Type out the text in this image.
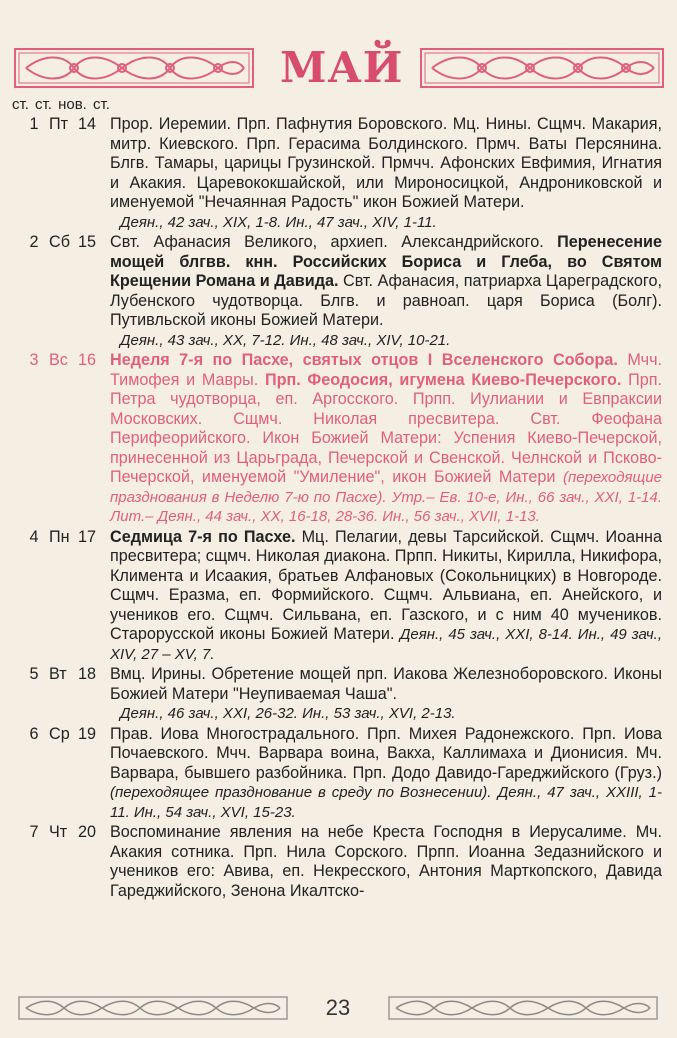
МАЙ
ст. ст. нов. ст.
1 Пт 14 Прор. Иеремии. Прп. Пафнутия Боровского. Мц. Нины. Сщмч. Макария, митр. Киевского. Прп. Герасима Болдинского. Прмч. Ваты Персянина. Блгв. Тамары, царицы Грузинской. Прмчч. Афонских Евфимия, Игнатия и Акакия. Царевококшайской, или Мироносицкой, Андрониковской и именуемой "Нечаянная Радость" икон Божией Матери.
Деян., 42 зач., XIX, 1-8. Ин., 47 зач., XIV, 1-11.
2 Сб 15 Свт. Афанасия Великого, архиеп. Александрийского. Перенесение мощей блгвв. кнн. Российских Бориса и Глеба, во Святом Крещении Романа и Давида. Свт. Афанасия, патриарха Цареградского, Лубенского чудотворца. Блгв. и равноап. царя Бориса (Болг). Путивльской иконы Божией Матери.
Деян., 43 зач., XX, 7-12. Ин., 48 зач., XIV, 10-21.
3 Вс 16 Неделя 7-я по Пасхе, святых отцов I Вселенского Собора. Мчч. Тимофея и Мавры. Прп. Феодосия, игумена Киево-Печерского. Прп. Петра чудотворца, еп. Аргосского. Прпп. Иулиании и Евпраксии Московских. Сщмч. Николая пресвитера. Свт. Феофана Перифеорийского. Икон Божией Матери: Успения Киево-Печерской, принесенной из Царьграда, Печерской и Свенской. Челнской и Псково-Печерской, именуемой "Умиление", икон Божией Матери (переходящие празднования в Неделю 7-ю по Пасхе). Утр.– Ев. 10-е, Ин., 66 зач., XXI, 1-14. Лит.– Деян., 44 зач., XX, 16-18, 28-36. Ин., 56 зач., XVII, 1-13.
4 Пн 17 Седмица 7-я по Пасхе. Мц. Пелагии, девы Тарсийской. Сщмч. Иоанна пресвитера; сщмч. Николая диакона. Прпп. Никиты, Кирилла, Никифора, Климента и Исаакия, братьев Алфановых (Сокольницких) в Новгороде. Сщмч. Еразма, еп. Формийского. Сщмч. Альвиана, еп. Анейского, и учеников его. Сщмч. Сильвана, еп. Газского, и с ним 40 мучеников. Старорусской иконы Божией Матери. Деян., 45 зач., XXI, 8-14. Ин., 49 зач., XIV, 27 – XV, 7.
5 Вт 18 Вмц. Ирины. Обретение мощей прп. Иакова Железноборовского. Иконы Божией Матери "Неупиваемая Чаша".
Деян., 46 зач., XXI, 26-32. Ин., 53 зач., XVI, 2-13.
6 Ср 19 Прав. Иова Многострадального. Прп. Михея Радонежского. Прп. Иова Почаевского. Мчч. Варвара воина, Вакха, Каллимаха и Дионисия. Мч. Варвара, бывшего разбойника. Прп. Додо Давидо-Гареджийского (Груз.) (переходящее празднование в среду по Вознесении). Деян., 47 зач., XXIII, 1-11. Ин., 54 зач., XVI, 15-23.
7 Чт 20 Воспоминание явления на небе Креста Господня в Иерусалиме. Мч. Акакия сотника. Прп. Нила Сорского. Прпп. Иоанна Зедазнийского и учеников его: Авива, еп. Некресского, Антония Марткопского, Давида Гареджийского, Зенона Икалтско-
23
